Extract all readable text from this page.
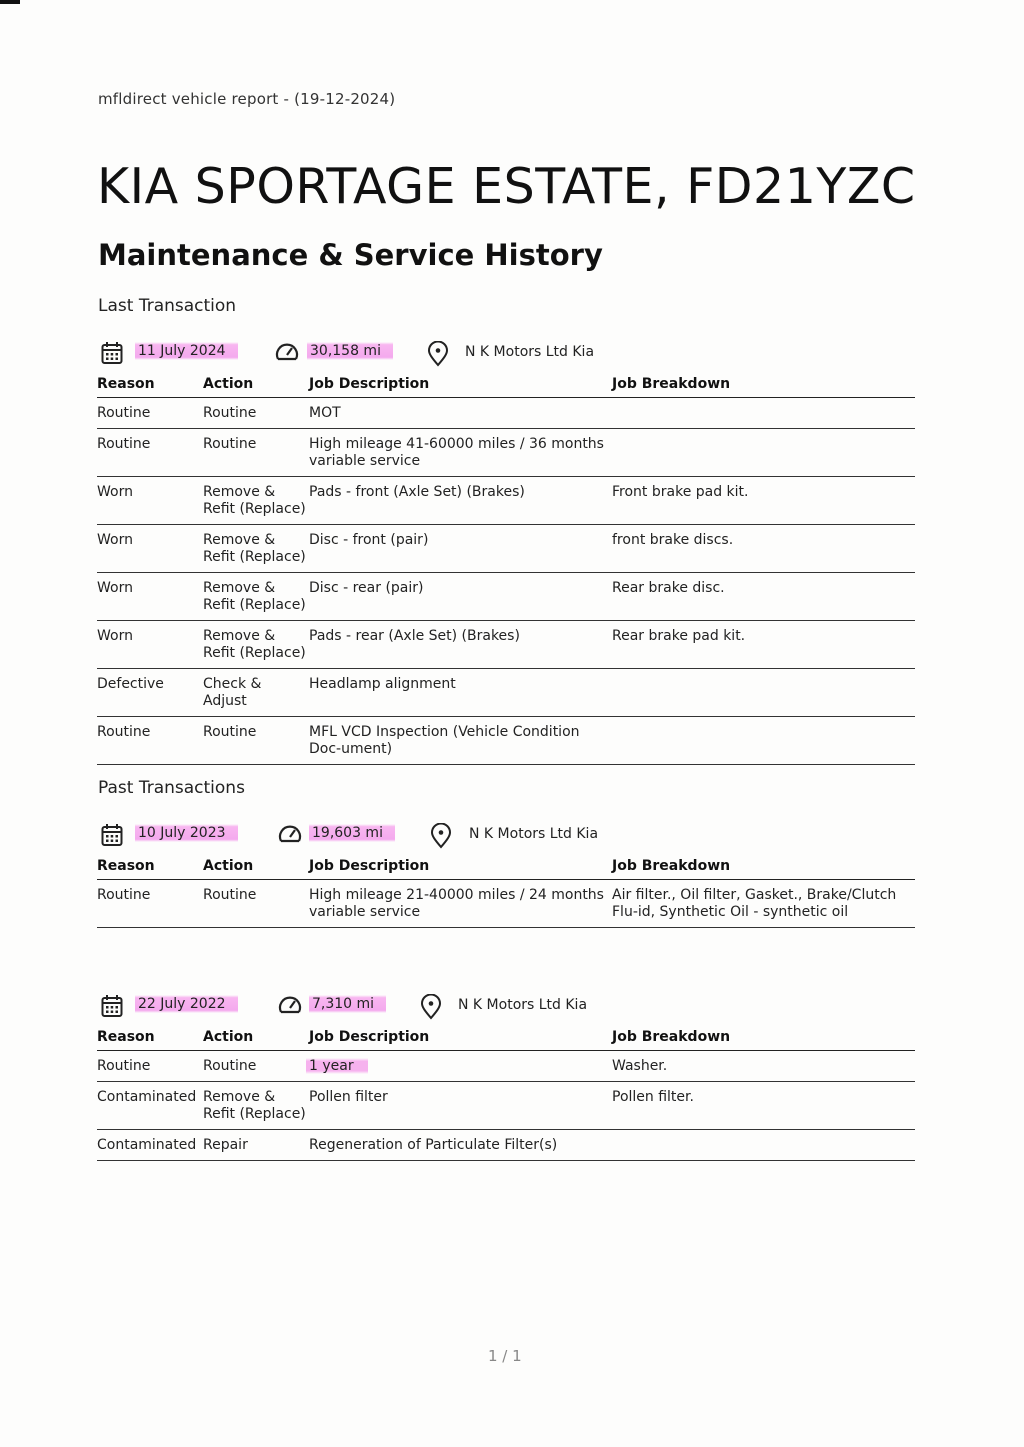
mfldirect vehicle report - (19-12-2024)
KIA SPORTAGE ESTATE, FD21YZC
Maintenance & Service History
Last Transaction
11 July 2024	30,158 mi	N K Motors Ltd Kia
Reason	Action	Job Description	Job Breakdown
Routine	Routine	MOT	
Routine	Routine	High mileage 41-60000 miles / 36 months variable service	
Worn	Remove & Refit (Replace)	Pads - front (Axle Set) (Brakes)	Front brake pad kit.
Worn	Remove & Refit (Replace)	Disc - front (pair)	front brake discs.
Worn	Remove & Refit (Replace)	Disc - rear (pair)	Rear brake disc.
Worn	Remove & Refit (Replace)	Pads - rear (Axle Set) (Brakes)	Rear brake pad kit.
Defective	Check & Adjust	Headlamp alignment	
Routine	Routine	MFL VCD Inspection (Vehicle Condition Doc-ument)	
Past Transactions
10 July 2023	19,603 mi	N K Motors Ltd Kia
Reason	Action	Job Description	Job Breakdown
Routine	Routine	High mileage 21-40000 miles / 24 months variable service	Air filter., Oil filter, Gasket., Brake/Clutch Flu-id, Synthetic Oil - synthetic oil
22 July 2022	7,310 mi	N K Motors Ltd Kia
Reason	Action	Job Description	Job Breakdown
Routine	Routine	1 year	Washer.
Contaminated	Remove & Refit (Replace)	Pollen filter	Pollen filter.
Contaminated	Repair	Regeneration of Particulate Filter(s)	
1 / 1
